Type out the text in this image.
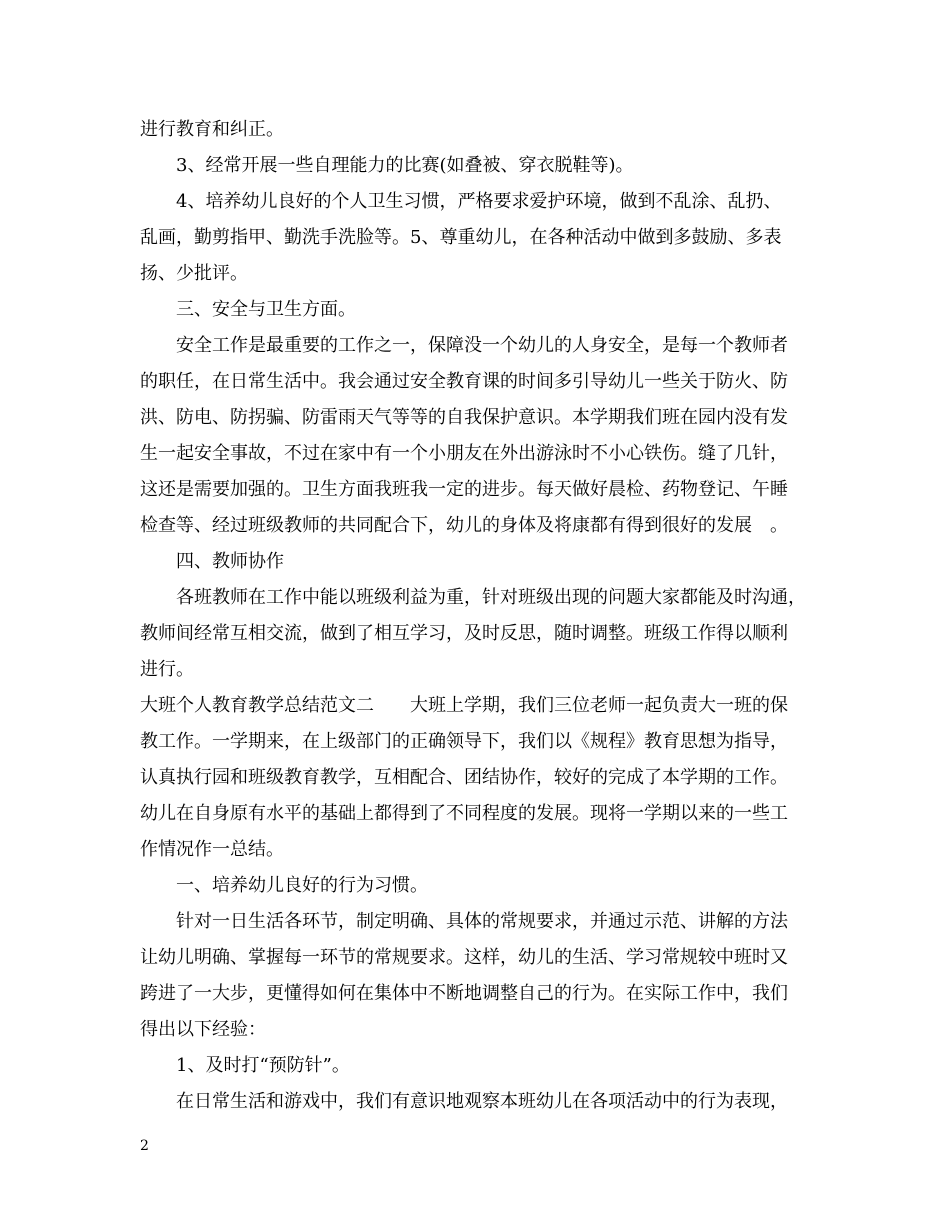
进行教育和纠正。
3、经常开展一些自理能力的比赛(如叠被、穿衣脱鞋等)。
4、培养幼儿良好的个人卫生习惯，严格要求爱护环境，做到不乱涂、乱扔、
乱画，勤剪指甲、勤洗手洗脸等。5、尊重幼儿，在各种活动中做到多鼓励、多表
扬、少批评。
三、安全与卫生方面。
安全工作是最重要的工作之一，保障没一个幼儿的人身安全，是每一个教师者
的职任，在日常生活中。我会通过安全教育课的时间多引导幼儿一些关于防火、防
洪、防电、防拐骗、防雷雨天气等等的自我保护意识。本学期我们班在园内没有发
生一起安全事故，不过在家中有一个小朋友在外出游泳时不小心铁伤。缝了几针，
这还是需要加强的。卫生方面我班我一定的进步。每天做好晨检、药物登记、午睡
检查等、经过班级教师的共同配合下，幼儿的身体及将康都有得到很好的发展　。
四、教师协作
各班教师在工作中能以班级利益为重，针对班级出现的问题大家都能及时沟通，
教师间经常互相交流，做到了相互学习，及时反思，随时调整。班级工作得以顺利
进行。
大班个人教育教学总结范文二　　大班上学期，我们三位老师一起负责大一班的保
教工作。一学期来，在上级部门的正确领导下，我们以《规程》教育思想为指导，
认真执行园和班级教育教学，互相配合、团结协作，较好的完成了本学期的工作。
幼儿在自身原有水平的基础上都得到了不同程度的发展。现将一学期以来的一些工
作情况作一总结。
一、培养幼儿良好的行为习惯。
针对一日生活各环节，制定明确、具体的常规要求，并通过示范、讲解的方法
让幼儿明确、掌握每一环节的常规要求。这样，幼儿的生活、学习常规较中班时又
跨进了一大步，更懂得如何在集体中不断地调整自己的行为。在实际工作中，我们
得出以下经验：
1、及时打“预防针”。
在日常生活和游戏中，我们有意识地观察本班幼儿在各项活动中的行为表现，
2
